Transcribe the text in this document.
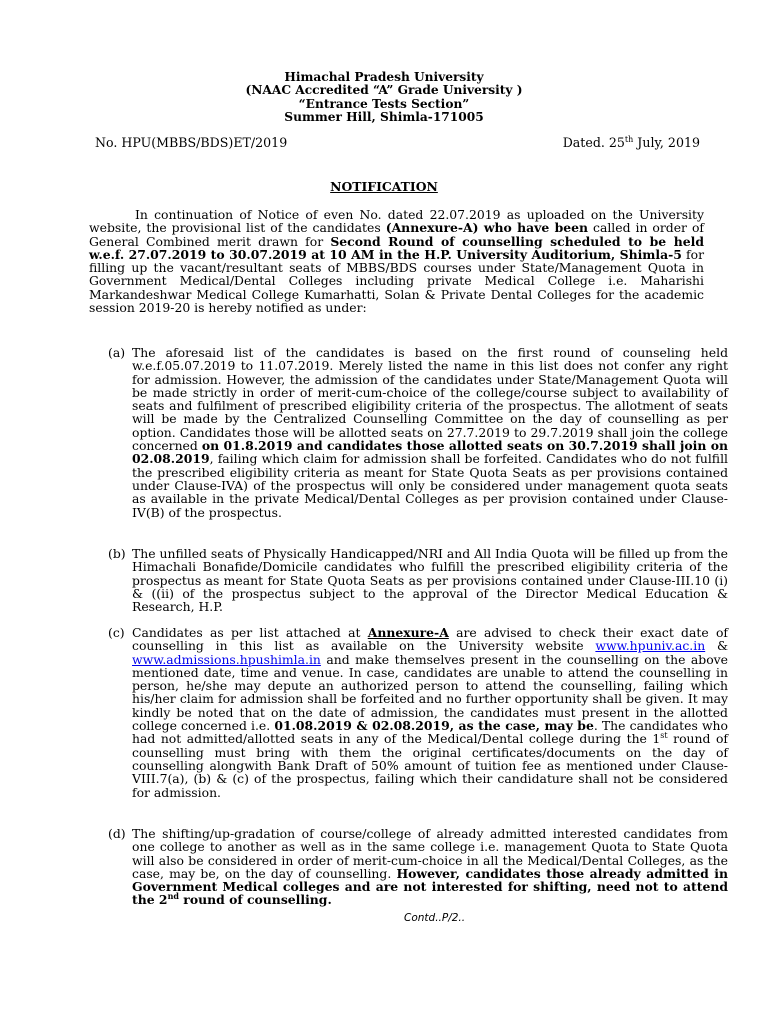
Himachal Pradesh University
(NAAC Accredited “A” Grade University )
“Entrance Tests Section”
Summer Hill, Shimla-171005
No. HPU(MBBS/BDS)ET/2019	Dated. 25th July, 2019
NOTIFICATION
In continuation of Notice of even No. dated 22.07.2019 as uploaded on the University website, the provisional list of the candidates (Annexure-A) who have been called in order of General Combined merit drawn for Second Round of counselling scheduled to be held w.e.f. 27.07.2019 to 30.07.2019 at 10 AM in the H.P. University Auditorium, Shimla-5 for filling up the vacant/resultant seats of MBBS/BDS courses under State/Management Quota in Government Medical/Dental Colleges including private Medical College i.e. Maharishi Markandeshwar Medical College Kumarhatti, Solan & Private Dental Colleges for the academic session 2019-20 is hereby notified as under:
(a) The aforesaid list of the candidates is based on the first round of counseling held w.e.f.05.07.2019 to 11.07.2019. Merely listed the name in this list does not confer any right for admission. However, the admission of the candidates under State/Management Quota will be made strictly in order of merit-cum-choice of the college/course subject to availability of seats and fulfilment of prescribed eligibility criteria of the prospectus. The allotment of seats will be made by the Centralized Counselling Committee on the day of counselling as per option. Candidates those will be allotted seats on 27.7.2019 to 29.7.2019 shall join the college concerned on 01.8.2019 and candidates those allotted seats on 30.7.2019 shall join on 02.08.2019, failing which claim for admission shall be forfeited. Candidates who do not fulfill the prescribed eligibility criteria as meant for State Quota Seats as per provisions contained under Clause-IVA) of the prospectus will only be considered under management quota seats as available in the private Medical/Dental Colleges as per provision contained under Clause-IV(B) of the prospectus.
(b) The unfilled seats of Physically Handicapped/NRI and All India Quota will be filled up from the Himachali Bonafide/Domicile candidates who fulfill the prescribed eligibility criteria of the prospectus as meant for State Quota Seats as per provisions contained under Clause-III.10 (i) & ((ii) of the prospectus subject to the approval of the Director Medical Education & Research, H.P.
(c) Candidates as per list attached at Annexure-A are advised to check their exact date of counselling in this list as available on the University website www.hpuniv.ac.in & www.admissions.hpushimla.in and make themselves present in the counselling on the above mentioned date, time and venue. In case, candidates are unable to attend the counselling in person, he/she may depute an authorized person to attend the counselling, failing which his/her claim for admission shall be forfeited and no further opportunity shall be given. It may kindly be noted that on the date of admission, the candidates must present in the allotted college concerned i.e. 01.08.2019 & 02.08.2019, as the case, may be. The candidates who had not admitted/allotted seats in any of the Medical/Dental college during the 1st round of counselling must bring with them the original certificates/documents on the day of counselling alongwith Bank Draft of 50% amount of tuition fee as mentioned under Clause-VIII.7(a), (b) & (c) of the prospectus, failing which their candidature shall not be considered for admission.
(d) The shifting/up-gradation of course/college of already admitted interested candidates from one college to another as well as in the same college i.e. management Quota to State Quota will also be considered in order of merit-cum-choice in all the Medical/Dental Colleges, as the case, may be, on the day of counselling. However, candidates those already admitted in Government Medical colleges and are not interested for shifting, need not to attend the 2nd round of counselling.
Contd..P/2..
